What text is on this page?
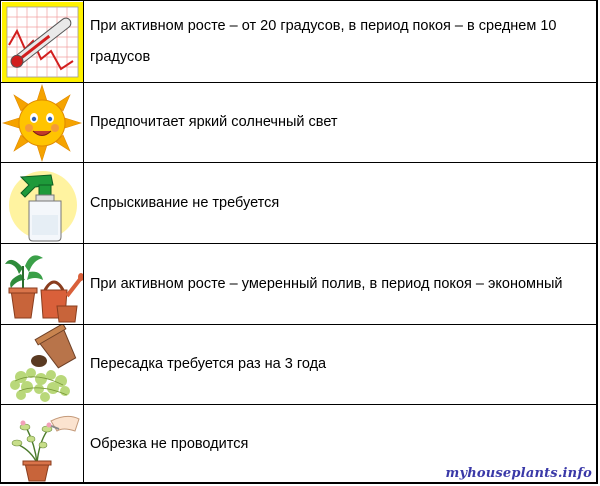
При активном росте – от 20 градусов, в период покоя – в среднем 10 градусов
Предпочитает яркий солнечный свет
Спрыскивание не требуется
При активном росте – умеренный полив, в период покоя – экономный
Пересадка требуется раз на 3 года
Обрезка не проводится
myhouseplants.info
